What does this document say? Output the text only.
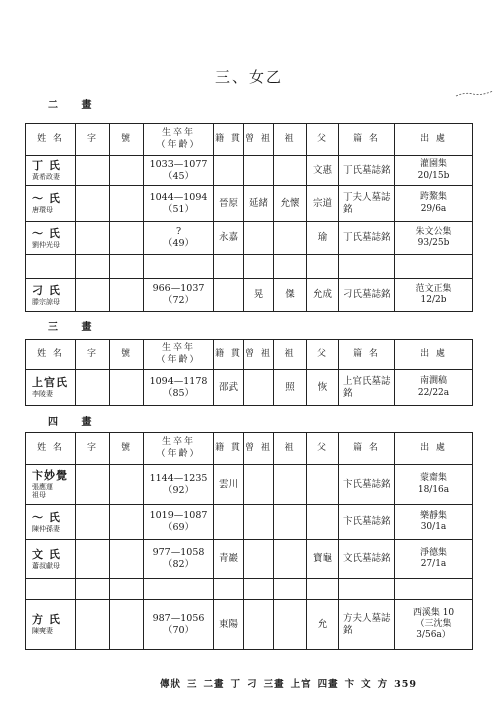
三、女乙
二 畫
三 畫
四 畫
姓 名	字	號	生卒年
（年齡）	籍 貫	曾 祖	祖	父	篇 名	出 處

丁 氏
黃希政妻			1033—1077
（45）				文惠	丁氏墓誌銘	灌園集
20/15b

～ 氏
唐環母			1044—1094
（51）	晉原	延緒	允懷	宗道	丁夫人墓誌銘	跨鰲集
29/6a

～ 氏
劉仲光母			?
（49）	永嘉			瑜	丁氏墓誌銘	朱文公集
93/25b

刁 氏
滕宗諒母			966—1037
（72）		晃	傑	允成	刁氏墓誌銘	范文正集
12/2b
姓 名	字	號	生卒年
（年齡）	籍 貫	曾 祖	祖	父	篇 名	出 處

上官氏
李陵妻			1094—1178
（85）	邵武		照	恢	上官氏墓誌銘	南澗稿
22/22a
姓 名	字	號	生卒年
（年齡）	籍 貫	曾 祖	祖	父	篇 名	出 處

卞妙覺
張應運
祖母			1144—1235
（92）	雲川				卞氏墓誌銘	蒙齋集
18/16a

～ 氏
陳仲孫妻			1019—1087
（69）					卞氏墓誌銘	樂靜集
30/1a

文 氏
蕭叔獻母			977—1058
（82）	青巖			寶龜	文氏墓誌銘	淨德集
27/1a

方 氏
陳奭妻			987—1056
（70）	東陽			允	方夫人墓誌銘	西溪集 10
（三沈集
3/56a）
傳狀 三 二畫 丁 刁 三畫 上官 四畫 卞 文 方 359
